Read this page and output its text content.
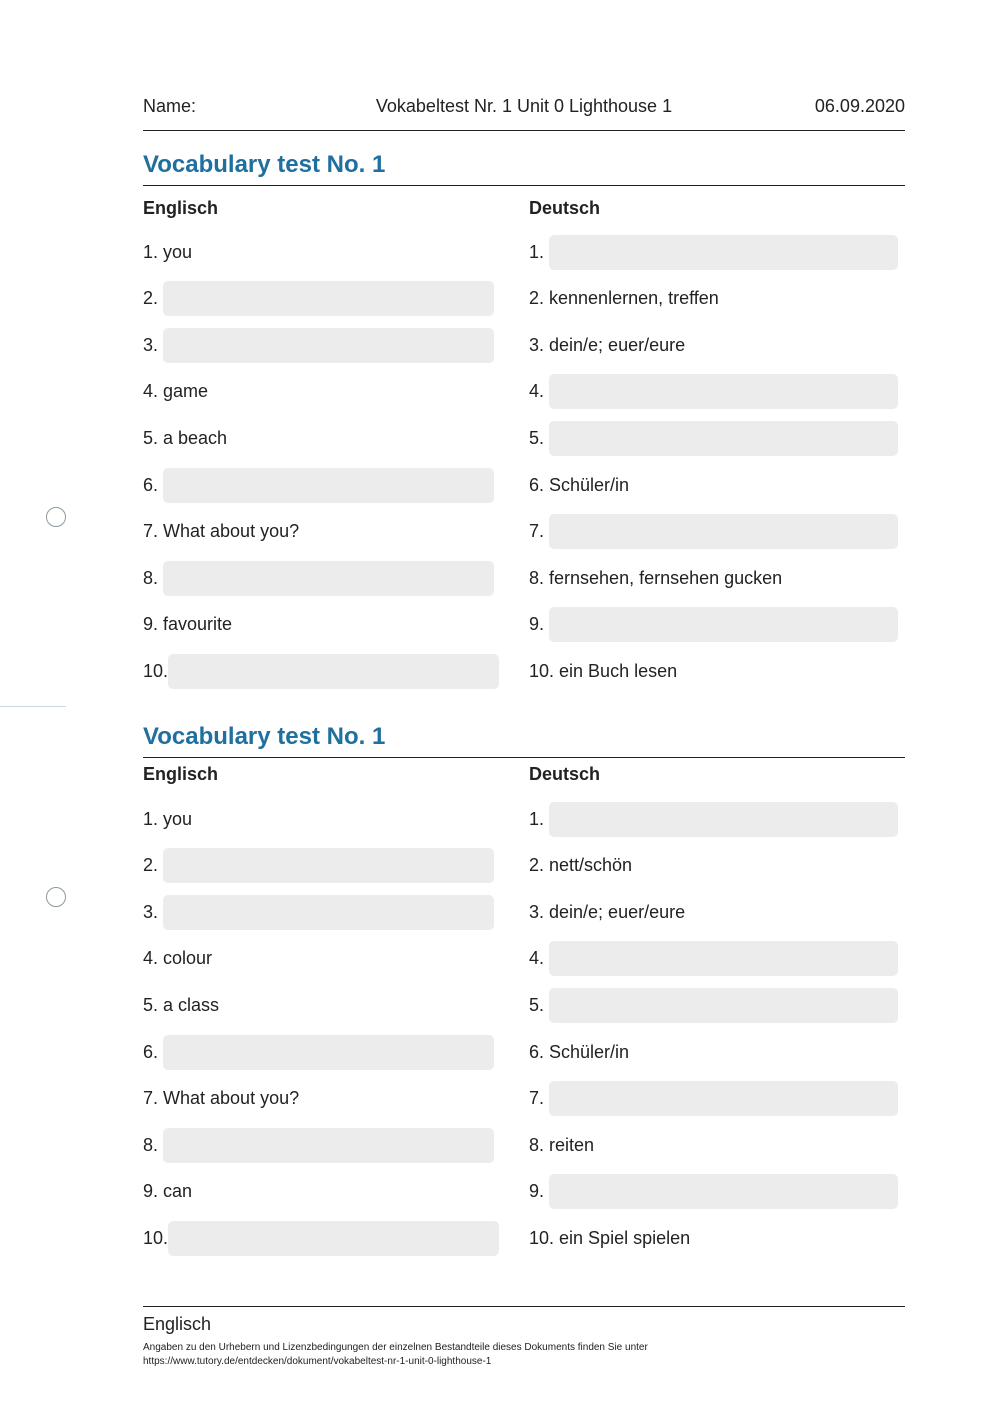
Name:	Vokabeltest Nr. 1 Unit 0 Lighthouse 1	06.09.2020
Vocabulary test No. 1
Englisch	Deutsch
1. you	1.
2.	2. kennenlernen, treffen
3.	3. dein/e; euer/eure
4. game	4.
5. a beach	5.
6.	6. Schüler/in
7. What about you?	7.
8.	8. fernsehen, fernsehen gucken
9. favourite	9.
10.	10. ein Buch lesen
Vocabulary test No. 1
Englisch	Deutsch
1. you	1.
2.	2. nett/schön
3.	3. dein/e; euer/eure
4. colour	4.
5. a class	5.
6.	6. Schüler/in
7. What about you?	7.
8.	8. reiten
9. can	9.
10.	10. ein Spiel spielen
Englisch
Angaben zu den Urhebern und Lizenzbedingungen der einzelnen Bestandteile dieses Dokuments finden Sie unter
https://www.tutory.de/entdecken/dokument/vokabeltest-nr-1-unit-0-lighthouse-1
